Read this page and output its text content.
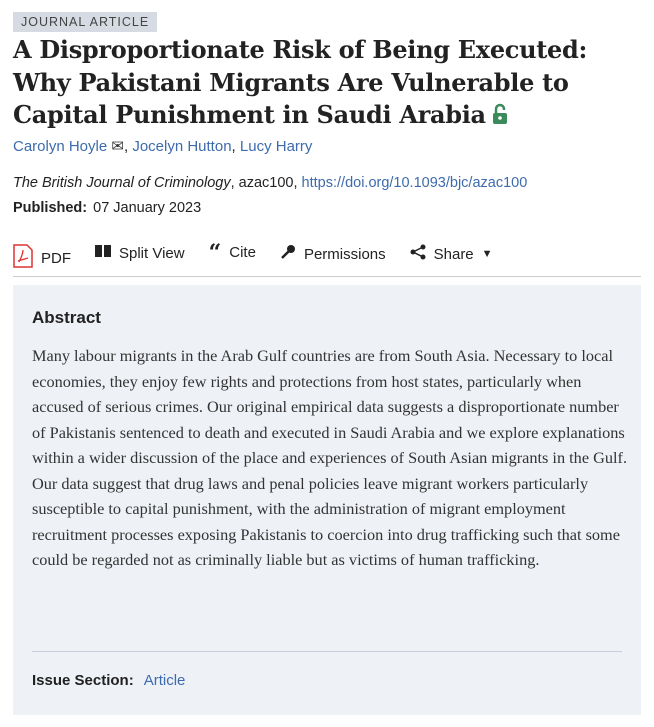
JOURNAL ARTICLE
A Disproportionate Risk of Being Executed: Why Pakistani Migrants Are Vulnerable to Capital Punishment in Saudi Arabia
Carolyn Hoyle ✉, Jocelyn Hutton, Lucy Harry
The British Journal of Criminology, azac100, https://doi.org/10.1093/bjc/azac100
Published: 07 January 2023
PDF	Split View “ Cite	Permissions	Share ▼
Abstract

Many labour migrants in the Arab Gulf countries are from South Asia. Necessary to local economies, they enjoy few rights and protections from host states, particularly when accused of serious crimes. Our original empirical data suggests a disproportionate number of Pakistanis sentenced to death and executed in Saudi Arabia and we explore explanations within a wider discussion of the place and experiences of South Asian migrants in the Gulf. Our data suggest that drug laws and penal policies leave migrant workers particularly susceptible to capital punishment, with the administration of migrant employment recruitment processes exposing Pakistanis to coercion into drug trafficking such that some could be regarded not as criminally liable but as victims of human trafficking.

Issue Section: Article
